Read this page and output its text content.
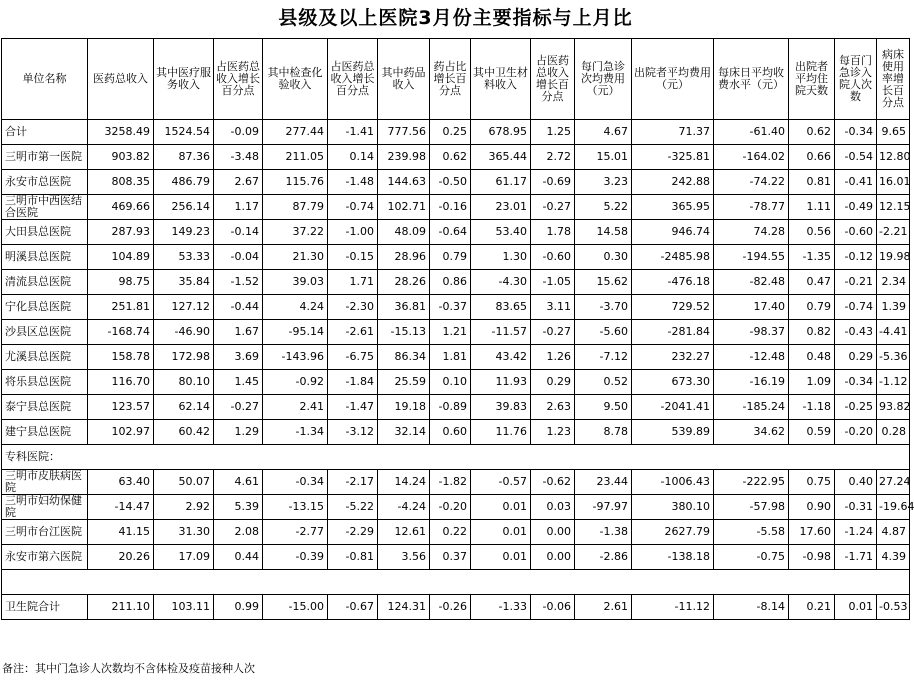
县级及以上医院3月份主要指标与上月比
单位名称	医药总收入	其中医疗服务收入	占医药总收入增长百分点	其中检查化验收入	占医药总收入增长百分点	其中药品收入	药占比增长百分点	其中卫生材料收入	占医药总收入增长百分点	每门急诊次均费用（元）	出院者平均费用（元）	每床日平均收费水平（元）	出院者平均住院天数	每百门急诊入院人次数	病床使用率增长百分点
合计	3258.49	1524.54	-0.09	277.44	-1.41	777.56	0.25	678.95	1.25	4.67	71.37	-61.40	0.62	-0.34	9.65
三明市第一医院	903.82	87.36	-3.48	211.05	0.14	239.98	0.62	365.44	2.72	15.01	-325.81	-164.02	0.66	-0.54	12.80
永安市总医院	808.35	486.79	2.67	115.76	-1.48	144.63	-0.50	61.17	-0.69	3.23	242.88	-74.22	0.81	-0.41	16.01
三明市中西医结合医院	469.66	256.14	1.17	87.79	-0.74	102.71	-0.16	23.01	-0.27	5.22	365.95	-78.77	1.11	-0.49	12.15
大田县总医院	287.93	149.23	-0.14	37.22	-1.00	48.09	-0.64	53.40	1.78	14.58	946.74	74.28	0.56	-0.60	-2.21
明溪县总医院	104.89	53.33	-0.04	21.30	-0.15	28.96	0.79	1.30	-0.60	0.30	-2485.98	-194.55	-1.35	-0.12	19.98
清流县总医院	98.75	35.84	-1.52	39.03	1.71	28.26	0.86	-4.30	-1.05	15.62	-476.18	-82.48	0.47	-0.21	2.34
宁化县总医院	251.81	127.12	-0.44	4.24	-2.30	36.81	-0.37	83.65	3.11	-3.70	729.52	17.40	0.79	-0.74	1.39
沙县区总医院	-168.74	-46.90	1.67	-95.14	-2.61	-15.13	1.21	-11.57	-0.27	-5.60	-281.84	-98.37	0.82	-0.43	-4.41
尤溪县总医院	158.78	172.98	3.69	-143.96	-6.75	86.34	1.81	43.42	1.26	-7.12	232.27	-12.48	0.48	0.29	-5.36
将乐县总医院	116.70	80.10	1.45	-0.92	-1.84	25.59	0.10	11.93	0.29	0.52	673.30	-16.19	1.09	-0.34	-1.12
泰宁县总医院	123.57	62.14	-0.27	2.41	-1.47	19.18	-0.89	39.83	2.63	9.50	-2041.41	-185.24	-1.18	-0.25	93.82
建宁县总医院	102.97	60.42	1.29	-1.34	-3.12	32.14	0.60	11.76	1.23	8.78	539.89	34.62	0.59	-0.20	0.28
专科医院：															
三明市皮肤病医院	63.40	50.07	4.61	-0.34	-2.17	14.24	-1.82	-0.57	-0.62	23.44	-1006.43	-222.95	0.75	0.40	27.24
三明市妇幼保健院	-14.47	2.92	5.39	-13.15	-5.22	-4.24	-0.20	0.01	0.03	-97.97	380.10	-57.98	0.90	-0.31	-19.64
三明市台江医院	41.15	31.30	2.08	-2.77	-2.29	12.61	0.22	0.01	0.00	-1.38	2627.79	-5.58	17.60	-1.24	4.87
永安市第六医院	20.26	17.09	0.44	-0.39	-0.81	3.56	0.37	0.01	0.00	-2.86	-138.18	-0.75	-0.98	-1.71	4.39

卫生院合计	211.10	103.11	0.99	-15.00	-0.67	124.31	-0.26	-1.33	-0.06	2.61	-11.12	-8.14	0.21	0.01	-0.53
备注：其中门急诊人次数均不含体检及疫苗接种人次
